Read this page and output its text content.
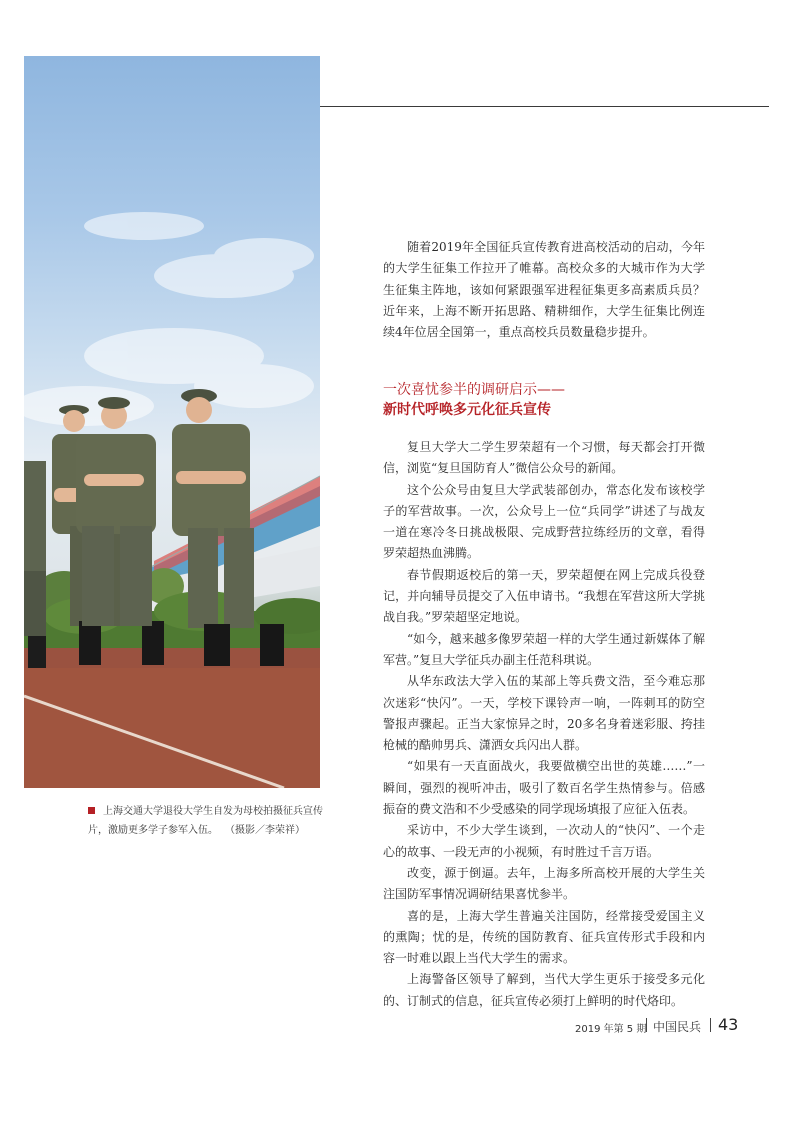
上海交通大学退役大学生自发为母校拍摄征兵宣传片，激励更多学子参军入伍。 （摄影／李荣祥）

随着2019年全国征兵宣传教育进高校活动的启动，今年的大学生征集工作拉开了帷幕。高校众多的大城市作为大学生征集主阵地，该如何紧跟强军进程征集更多高素质兵员？近年来，上海不断开拓思路、精耕细作，大学生征集比例连续4年位居全国第一，重点高校兵员数量稳步提升。

一次喜忧参半的调研启示——
新时代呼唤多元化征兵宣传

复旦大学大二学生罗荣超有一个习惯，每天都会打开微信，浏览“复旦国防育人”微信公众号的新闻。

这个公众号由复旦大学武装部创办，常态化发布该校学子的军营故事。一次，公众号上一位“兵同学”讲述了与战友一道在寒冷冬日挑战极限、完成野营拉练经历的文章，看得罗荣超热血沸腾。

春节假期返校后的第一天，罗荣超便在网上完成兵役登记，并向辅导员提交了入伍申请书。“我想在军营这所大学挑战自我。”罗荣超坚定地说。

“如今，越来越多像罗荣超一样的大学生通过新媒体了解军营。”复旦大学征兵办副主任范科琪说。

从华东政法大学入伍的某部上等兵费文浩，至今难忘那次迷彩“快闪”。一天，学校下课铃声一响，一阵刺耳的防空警报声骤起。正当大家惊异之时，20多名身着迷彩服、挎挂枪械的酷帅男兵、潇洒女兵闪出人群。

“如果有一天直面战火，我要做横空出世的英雄……”一瞬间，强烈的视听冲击，吸引了数百名学生热情参与。倍感振奋的费文浩和不少受感染的同学现场填报了应征入伍表。

采访中，不少大学生谈到，一次动人的“快闪”、一个走心的故事、一段无声的小视频，有时胜过千言万语。

改变，源于倒逼。去年，上海多所高校开展的大学生关注国防军事情况调研结果喜忧参半。

喜的是，上海大学生普遍关注国防，经常接受爱国主义的熏陶；忧的是，传统的国防教育、征兵宣传形式手段和内容一时难以跟上当代大学生的需求。

上海警备区领导了解到，当代大学生更乐于接受多元化的、订制式的信息，征兵宣传必须打上鲜明的时代烙印。

2019 年第 5 期 中国民兵 43
